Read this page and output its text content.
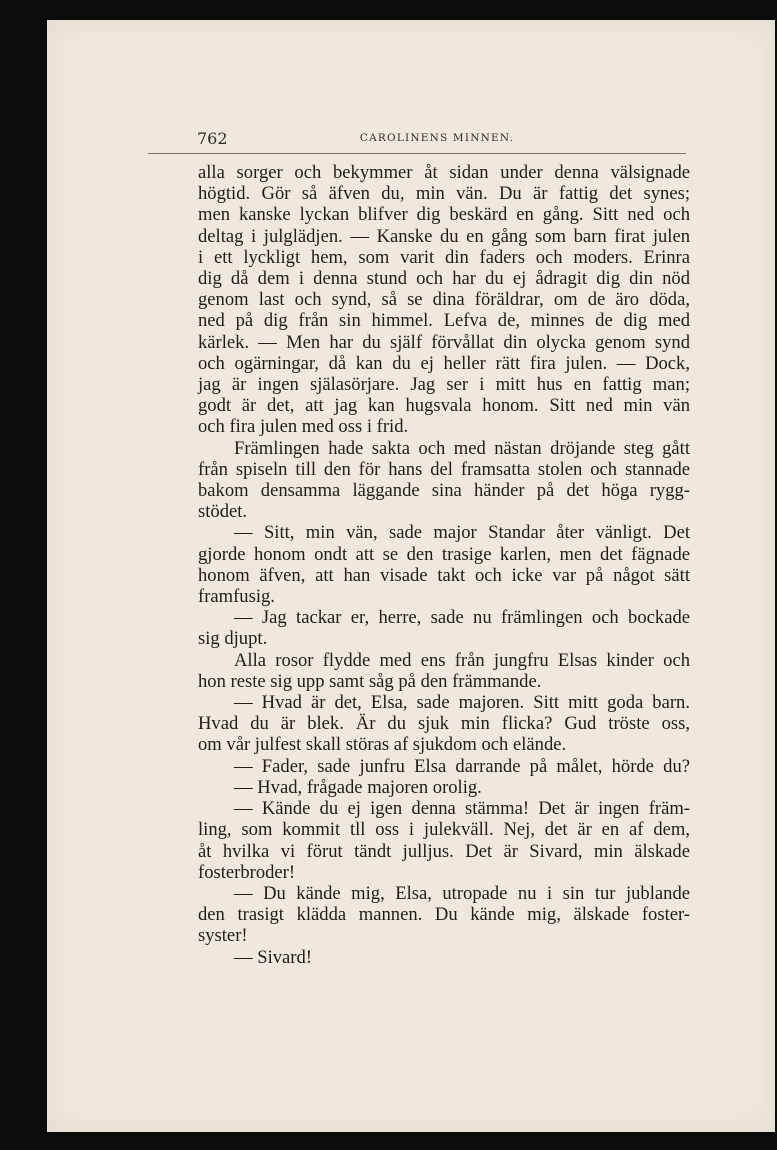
762	CAROLINENS MINNEN.
alla sorger och bekymmer åt sidan under denna välsignade
högtid. Gör så äfven du, min vän. Du är fattig det synes;
men kanske lyckan blifver dig beskärd en gång. Sitt ned och
deltag i julglädjen. — Kanske du en gång som barn firat julen
i ett lyckligt hem, som varit din faders och moders. Erinra
dig då dem i denna stund och har du ej ådragit dig din nöd
genom last och synd, så se dina föräldrar, om de äro döda,
ned på dig från sin himmel. Lefva de, minnes de dig med
kärlek. — Men har du själf förvållat din olycka genom synd
och ogärningar, då kan du ej heller rätt fira julen. — Dock,
jag är ingen själasörjare. Jag ser i mitt hus en fattig man;
godt är det, att jag kan hugsvala honom. Sitt ned min vän
och fira julen med oss i frid.
Främlingen hade sakta och med nästan dröjande steg gått
från spiseln till den för hans del framsatta stolen och stannade
bakom densamma läggande sina händer på det höga rygg-
stödet.
— Sitt, min vän, sade major Standar åter vänligt. Det
gjorde honom ondt att se den trasige karlen, men det fägnade
honom äfven, att han visade takt och icke var på något sätt
framfusig.
— Jag tackar er, herre, sade nu främlingen och bockade
sig djupt.
Alla rosor flydde med ens från jungfru Elsas kinder och
hon reste sig upp samt såg på den främmande.
— Hvad är det, Elsa, sade majoren. Sitt mitt goda barn.
Hvad du är blek. Är du sjuk min flicka? Gud tröste oss,
om vår julfest skall störas af sjukdom och elände.
— Fader, sade junfru Elsa darrande på målet, hörde du?
— Hvad, frågade majoren orolig.
— Kände du ej igen denna stämma! Det är ingen främ-
ling, som kommit tll oss i julekväll. Nej, det är en af dem,
åt hvilka vi förut tändt julljus. Det är Sivard, min älskade
fosterbroder!
— Du kände mig, Elsa, utropade nu i sin tur jublande
den trasigt klädda mannen. Du kände mig, älskade foster-
syster!
— Sivard!
